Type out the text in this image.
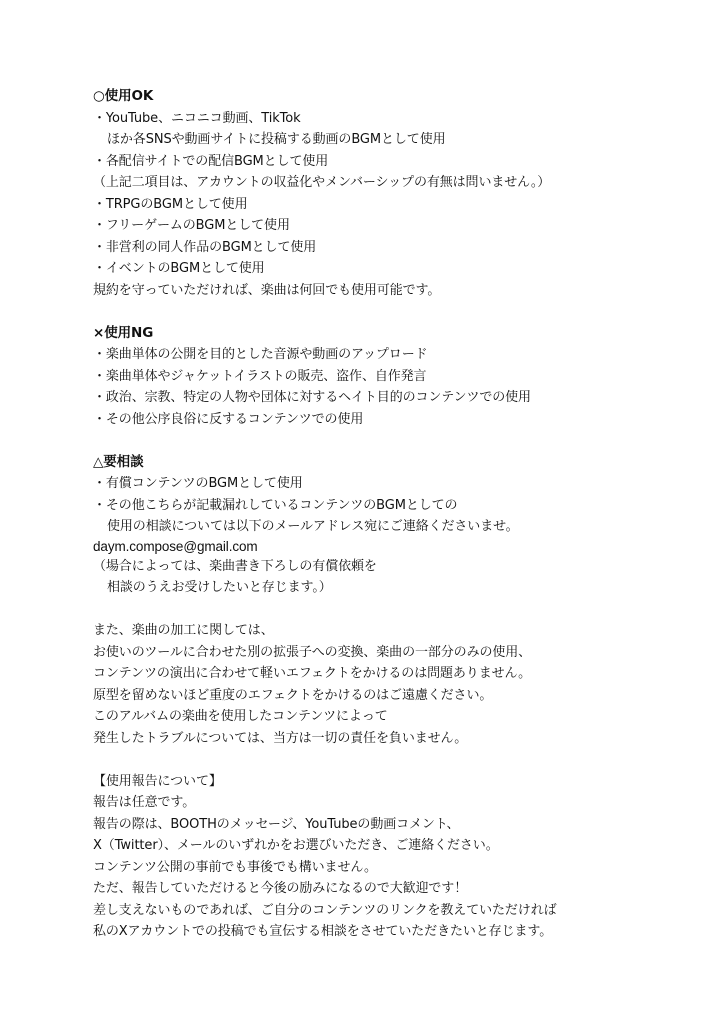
○使用OK
・YouTube、ニコニコ動画、TikTok
ほか各SNSや動画サイトに投稿する動画のBGMとして使用
・各配信サイトでの配信BGMとして使用
（上記二項目は、アカウントの収益化やメンバーシップの有無は問いません。）
・TRPGのBGMとして使用
・フリーゲームのBGMとして使用
・非営利の同人作品のBGMとして使用
・イベントのBGMとして使用
規約を守っていただければ、楽曲は何回でも使用可能です。
×使用NG
・楽曲単体の公開を目的とした音源や動画のアップロード
・楽曲単体やジャケットイラストの販売、盗作、自作発言
・政治、宗教、特定の人物や団体に対するヘイト目的のコンテンツでの使用
・その他公序良俗に反するコンテンツでの使用
△要相談
・有償コンテンツのBGMとして使用
・その他こちらが記載漏れしているコンテンツのBGMとしての
使用の相談については以下のメールアドレス宛にご連絡くださいませ。
daym.compose@gmail.com
（場合によっては、楽曲書き下ろしの有償依頼を
相談のうえお受けしたいと存じます。）
また、楽曲の加工に関しては、
お使いのツールに合わせた別の拡張子への変換、楽曲の一部分のみの使用、
コンテンツの演出に合わせて軽いエフェクトをかけるのは問題ありません。
原型を留めないほど重度のエフェクトをかけるのはご遠慮ください。
このアルバムの楽曲を使用したコンテンツによって
発生したトラブルについては、当方は一切の責任を負いません。
【使用報告について】
報告は任意です。
報告の際は、BOOTHのメッセージ、YouTubeの動画コメント、
X（Twitter）、メールのいずれかをお選びいただき、ご連絡ください。
コンテンツ公開の事前でも事後でも構いません。
ただ、報告していただけると今後の励みになるので大歓迎です！
差し支えないものであれば、ご自分のコンテンツのリンクを教えていただければ
私のXアカウントでの投稿でも宣伝する相談をさせていただきたいと存じます。
